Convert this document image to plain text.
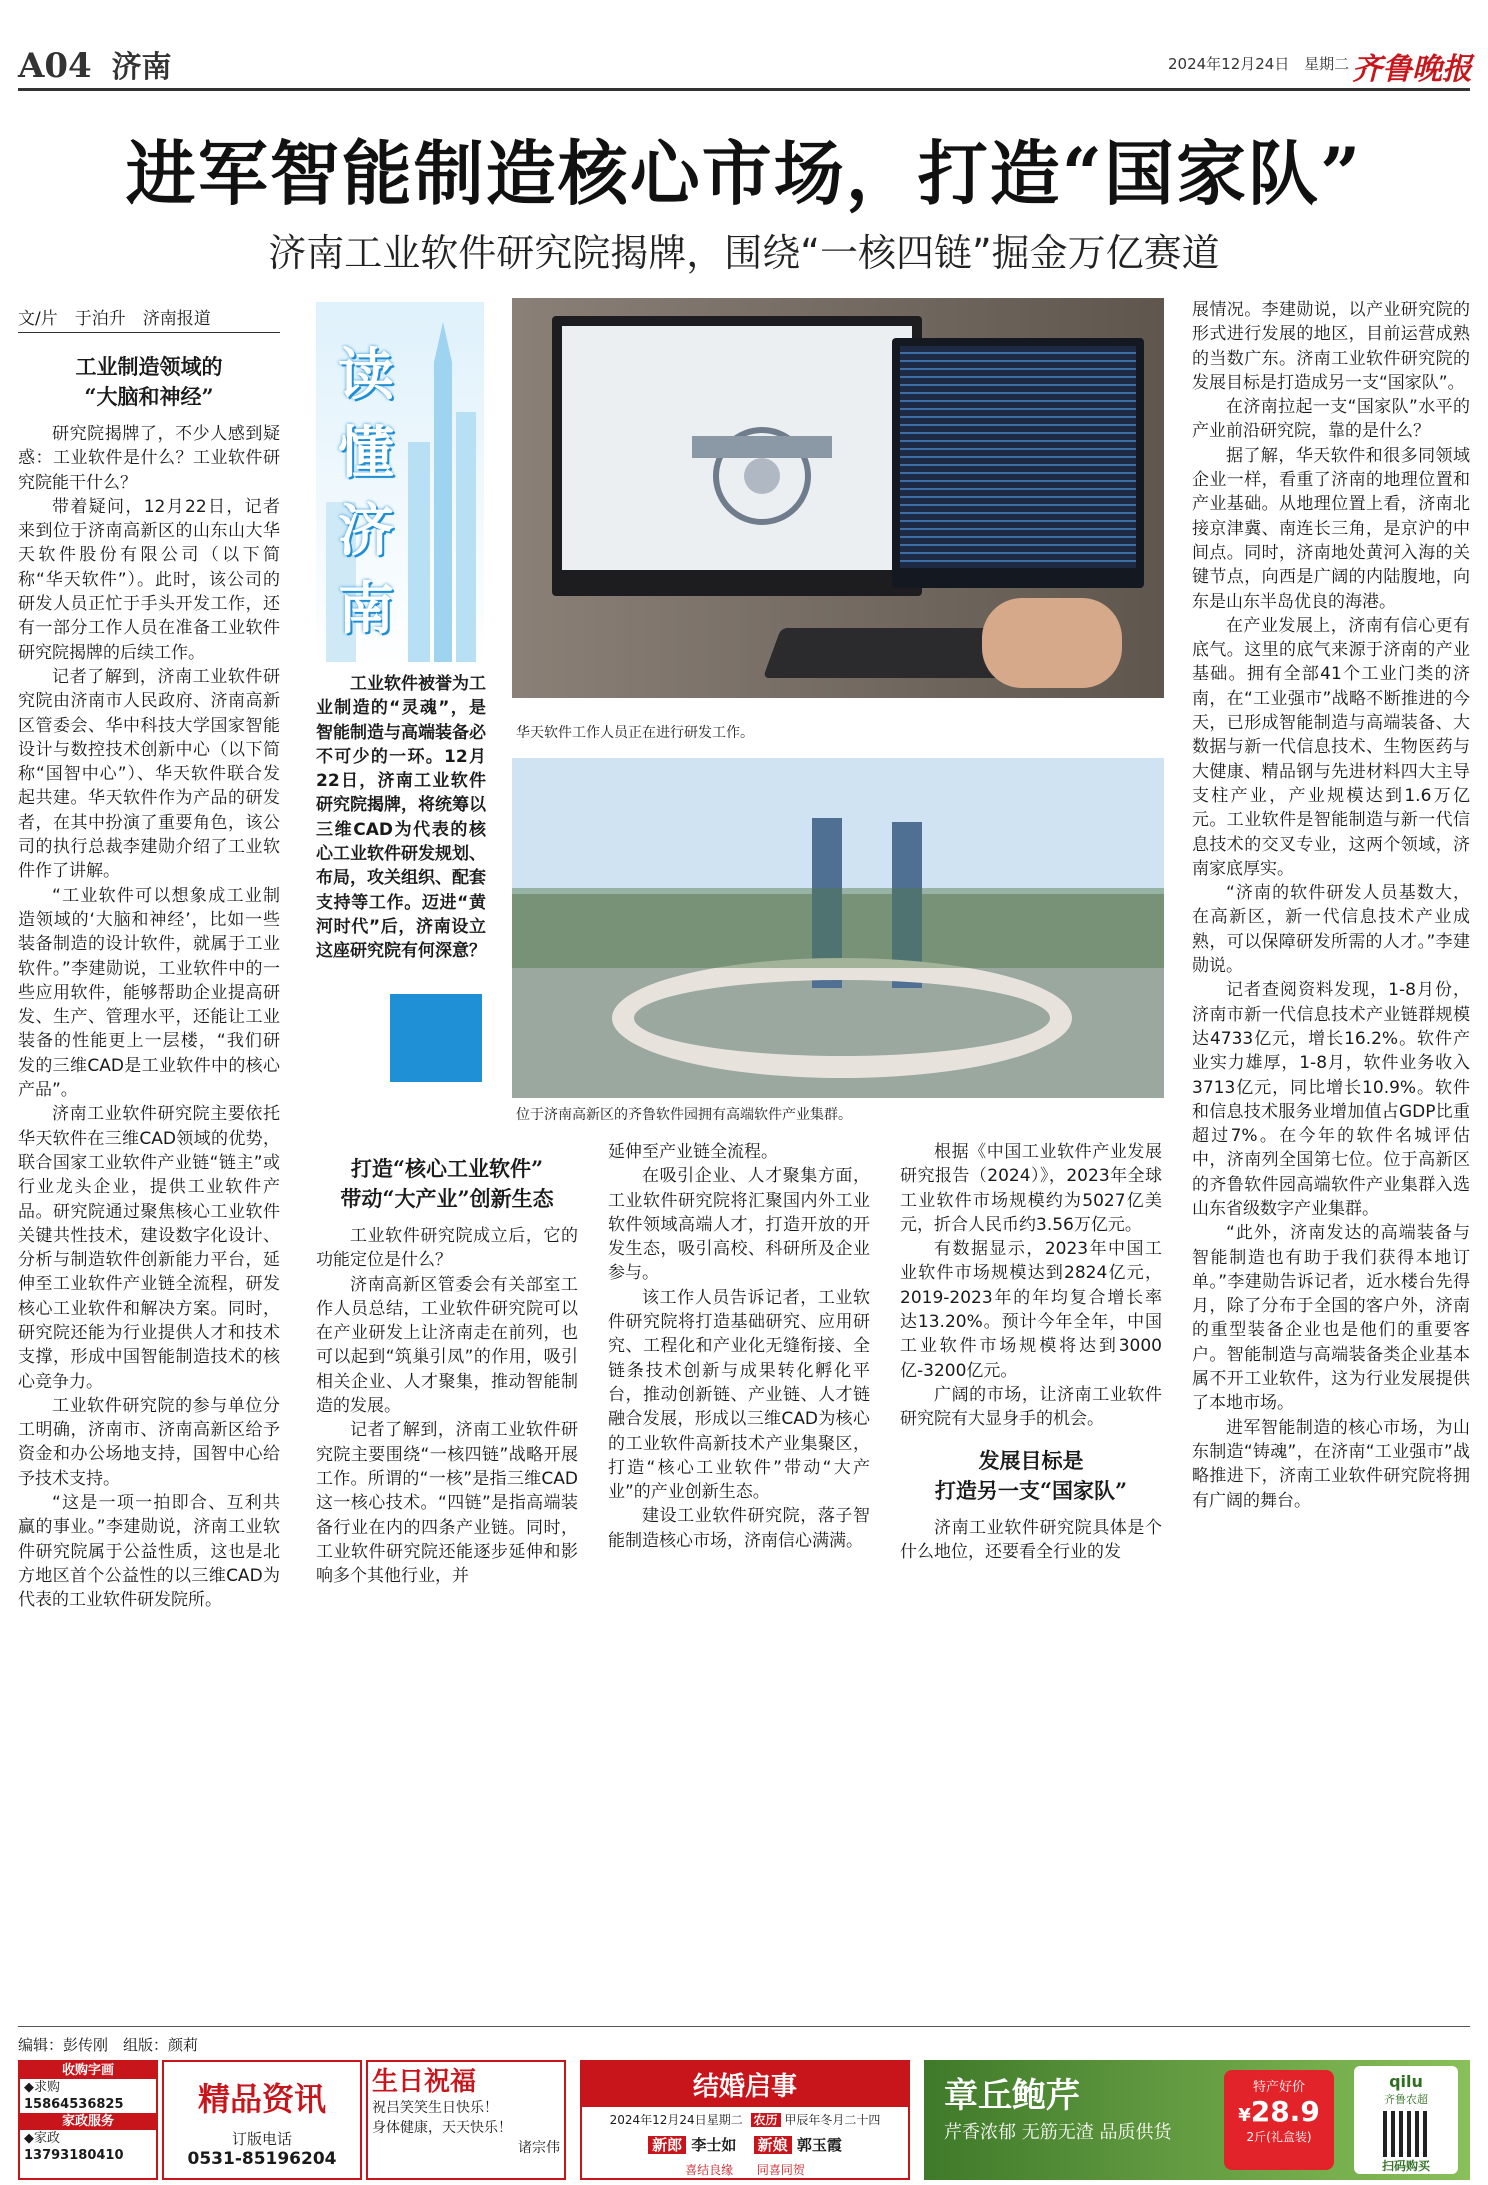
A04 济南	2024年12月24日 星期二 齐鲁晚报
进军智能制造核心市场，打造“国家队”
济南工业软件研究院揭牌，围绕“一核四链”掘金万亿赛道
文/片　于泊升　济南报道
读懂济南
工业软件被誉为工业制造的“灵魂”，是智能制造与高端装备必不可少的一环。12月22日，济南工业软件研究院揭牌，将统筹以三维CAD为代表的核心工业软件研发规划、布局，攻关组织、配套支持等工作。迈进“黄河时代”后，济南设立这座研究院有何深意？
工业制造领域的
“大脑和神经”

研究院揭牌了，不少人感到疑惑：工业软件是什么？工业软件研究院能干什么？

带着疑问，12月22日，记者来到位于济南高新区的山东山大华天软件股份有限公司（以下简称“华天软件”）。此时，该公司的研发人员正忙于手头开发工作，还有一部分工作人员在准备工业软件研究院揭牌的后续工作。

记者了解到，济南工业软件研究院由济南市人民政府、济南高新区管委会、华中科技大学国家智能设计与数控技术创新中心（以下简称“国智中心”）、华天软件联合发起共建。华天软件作为产品的研发者，在其中扮演了重要角色，该公司的执行总裁李建勋介绍了工业软件作了讲解。

“工业软件可以想象成工业制造领域的‘大脑和神经’，比如一些装备制造的设计软件，就属于工业软件。”李建勋说，工业软件中的一些应用软件，能够帮助企业提高研发、生产、管理水平，还能让工业装备的性能更上一层楼，“我们研发的三维CAD是工业软件中的核心产品”。

济南工业软件研究院主要依托华天软件在三维CAD领域的优势，联合国家工业软件产业链“链主”或行业龙头企业，提供工业软件产品。研究院通过聚焦核心工业软件关键共性技术，建设数字化设计、分析与制造软件创新能力平台，延伸至工业软件产业链全流程，研发核心工业软件和解决方案。同时，研究院还能为行业提供人才和技术支撑，形成中国智能制造技术的核心竞争力。

工业软件研究院的参与单位分工明确，济南市、济南高新区给予资金和办公场地支持，国智中心给予技术支持。

“这是一项一拍即合、互利共赢的事业。”李建勋说，济南工业软件研究院属于公益性质，这也是北方地区首个公益性的以三维CAD为代表的工业软件研发院所。

华天软件工作人员正在进行研发工作。
位于济南高新区的齐鲁软件园拥有高端软件产业集群。
打造“核心工业软件”
带动“大产业”创新生态

工业软件研究院成立后，它的功能定位是什么？

济南高新区管委会有关部室工作人员总结，工业软件研究院可以在产业研发上让济南走在前列，也可以起到“筑巢引凤”的作用，吸引相关企业、人才聚集，推动智能制造的发展。

记者了解到，济南工业软件研究院主要围绕“一核四链”战略开展工作。所谓的“一核”是指三维CAD这一核心技术。“四链”是指高端装备行业在内的四条产业链。同时，工业软件研究院还能逐步延伸和影响多个其他行业，并

延伸至产业链全流程。

在吸引企业、人才聚集方面，工业软件研究院将汇聚国内外工业软件领域高端人才，打造开放的开发生态，吸引高校、科研所及企业参与。

该工作人员告诉记者，工业软件研究院将打造基础研究、应用研究、工程化和产业化无缝衔接、全链条技术创新与成果转化孵化平台，推动创新链、产业链、人才链融合发展，形成以三维CAD为核心的工业软件高新技术产业集聚区，打造“核心工业软件”带动“大产业”的产业创新生态。

建设工业软件研究院，落子智能制造核心市场，济南信心满满。

根据《中国工业软件产业发展研究报告（2024）》，2023年全球工业软件市场规模约为5027亿美元，折合人民币约3.56万亿元。

有数据显示，2023年中国工业软件市场规模达到2824亿元，2019-2023年的年均复合增长率达13.20%。预计今年全年，中国工业软件市场规模将达到3000亿-3200亿元。

广阔的市场，让济南工业软件研究院有大显身手的机会。

发展目标是
打造另一支“国家队”

济南工业软件研究院具体是个什么地位，还要看全行业的发

展情况。李建勋说，以产业研究院的形式进行发展的地区，目前运营成熟的当数广东。济南工业软件研究院的发展目标是打造成另一支“国家队”。

在济南拉起一支“国家队”水平的产业前沿研究院，靠的是什么？

据了解，华天软件和很多同领域企业一样，看重了济南的地理位置和产业基础。从地理位置上看，济南北接京津冀、南连长三角，是京沪的中间点。同时，济南地处黄河入海的关键节点，向西是广阔的内陆腹地，向东是山东半岛优良的海港。

在产业发展上，济南有信心更有底气。这里的底气来源于济南的产业基础。拥有全部41个工业门类的济南，在“工业强市”战略不断推进的今天，已形成智能制造与高端装备、大数据与新一代信息技术、生物医药与大健康、精品钢与先进材料四大主导支柱产业，产业规模达到1.6万亿元。工业软件是智能制造与新一代信息技术的交叉专业，这两个领域，济南家底厚实。

“济南的软件研发人员基数大，在高新区，新一代信息技术产业成熟，可以保障研发所需的人才。”李建勋说。

记者查阅资料发现，1-8月份，济南市新一代信息技术产业链群规模达4733亿元，增长16.2%。软件产业实力雄厚，1-8月，软件业务收入3713亿元，同比增长10.9%。软件和信息技术服务业增加值占GDP比重超过7%。在今年的软件名城评估中，济南列全国第七位。位于高新区的齐鲁软件园高端软件产业集群入选山东省级数字产业集群。

“此外，济南发达的高端装备与智能制造也有助于我们获得本地订单。”李建勋告诉记者，近水楼台先得月，除了分布于全国的客户外，济南的重型装备企业也是他们的重要客户。智能制造与高端装备类企业基本属不开工业软件，这为行业发展提供了本地市场。

进军智能制造的核心市场，为山东制造“铸魂”，在济南“工业强市”战略推进下，济南工业软件研究院将拥有广阔的舞台。

编辑：彭传刚　组版：颜莉
收购字画
◆求购
15864536825
家政服务
◆家政
13793180410
精品资讯
订版电话
0531-85196204
生日祝福
祝吕笑笑生日快乐！
身体健康，天天快乐！
诸宗伟
结婚启事
2024年12月24日星期二 农历 甲辰年冬月二十四
新郎 李士如 新娘 郭玉霞
喜结良缘 同喜同贺
章丘鲍芹
芹香浓郁 无筋无渣 品质供货
特产好价
¥28.9
2斤(礼盒装)
qilu
齐鲁农超
扫码购买
